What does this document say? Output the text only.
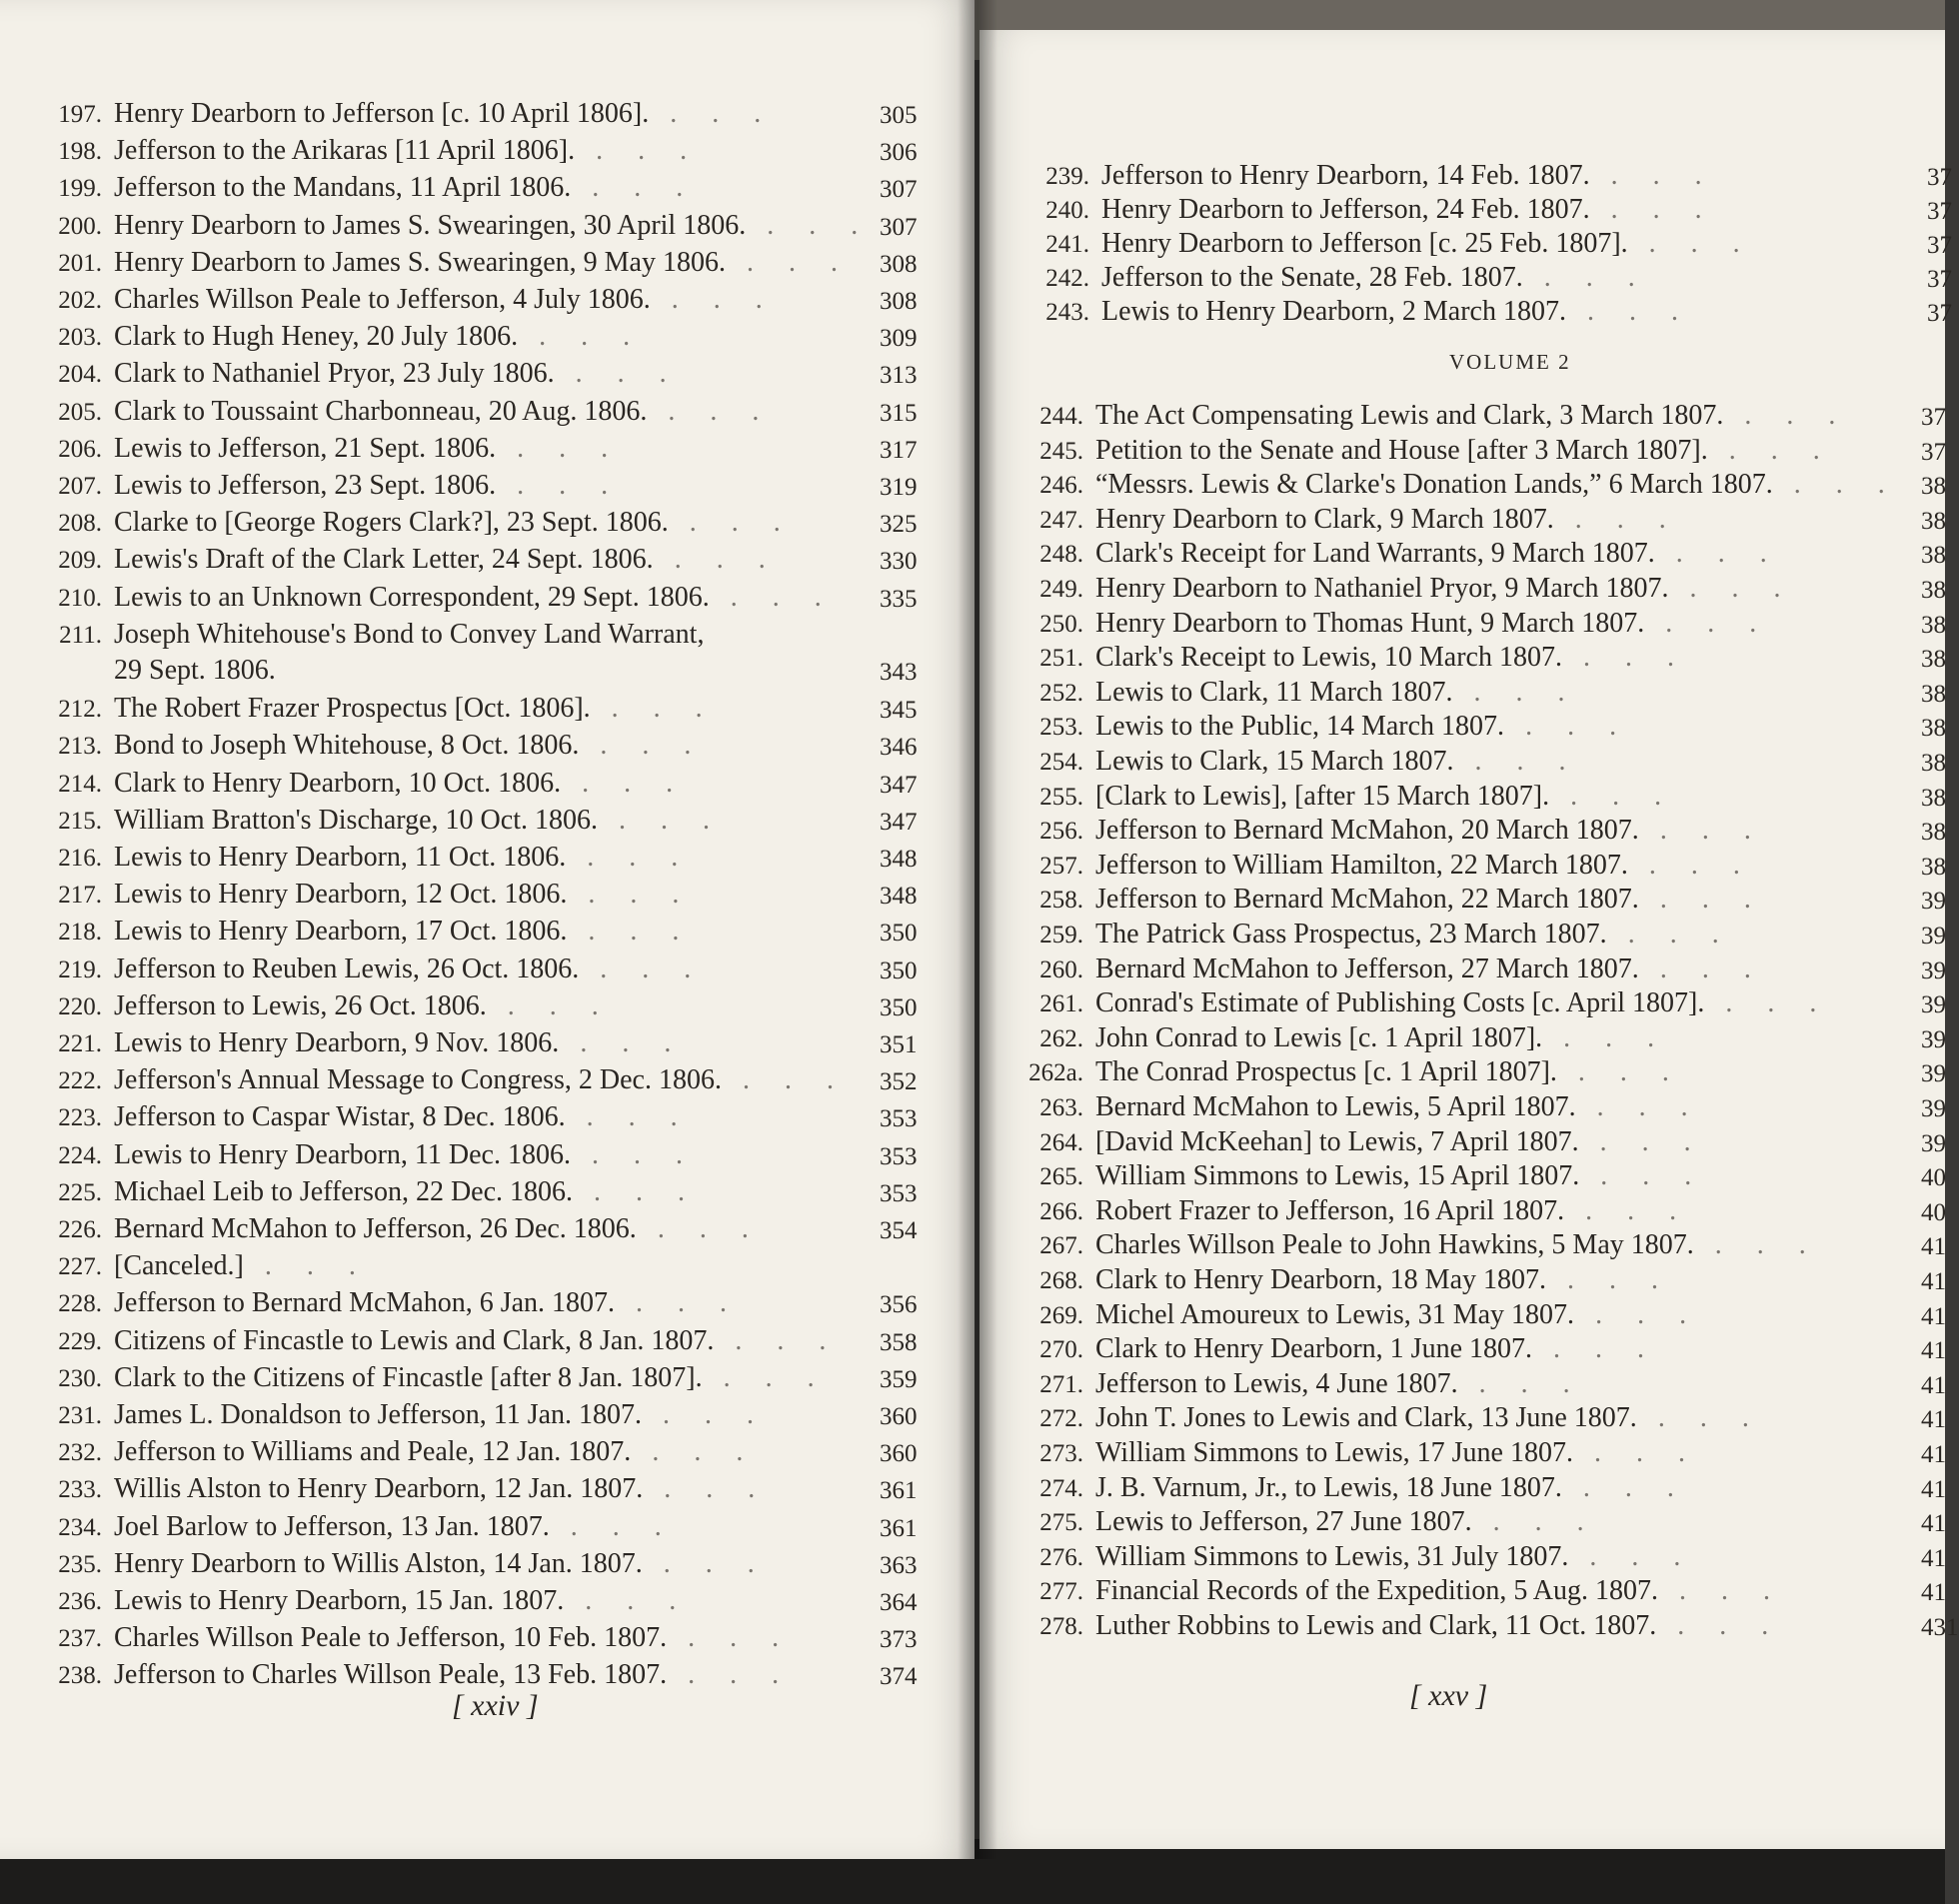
197. Henry Dearborn to Jefferson [c. 10 April 1806]. . . .	305
198. Jefferson to the Arikaras [11 April 1806]. . . .	306
199. Jefferson to the Mandans, 11 April 1806. . . .	307
200. Henry Dearborn to James S. Swearingen, 30 April 1806. . . . 307
201. Henry Dearborn to James S. Swearingen, 9 May 1806. . . . 308
202. Charles Willson Peale to Jefferson, 4 July 1806. . . .	308
203. Clark to Hugh Heney, 20 July 1806. . . .	309
204. Clark to Nathaniel Pryor, 23 July 1806. . . .	313
205. Clark to Toussaint Charbonneau, 20 Aug. 1806. . . .	315
206. Lewis to Jefferson, 21 Sept. 1806. . . .	317
207. Lewis to Jefferson, 23 Sept. 1806. . . .	319
208. Clarke to [George Rogers Clark?], 23 Sept. 1806. . . .	325
209. Lewis's Draft of the Clark Letter, 24 Sept. 1806. . . .	330
210. Lewis to an Unknown Correspondent, 29 Sept. 1806. . . . 335
211. Joseph Whitehouse's Bond to Convey Land Warrant,
29 Sept. 1806.	343
212. The Robert Frazer Prospectus [Oct. 1806]. . . .	345
213. Bond to Joseph Whitehouse, 8 Oct. 1806. . . .	346
214. Clark to Henry Dearborn, 10 Oct. 1806. . . .	347
215. William Bratton's Discharge, 10 Oct. 1806. . . .	347
216. Lewis to Henry Dearborn, 11 Oct. 1806. . . .	348
217. Lewis to Henry Dearborn, 12 Oct. 1806. . . .	348
218. Lewis to Henry Dearborn, 17 Oct. 1806. . . .	350
219. Jefferson to Reuben Lewis, 26 Oct. 1806. . . .	350
220. Jefferson to Lewis, 26 Oct. 1806. . . .	350
221. Lewis to Henry Dearborn, 9 Nov. 1806. . . .	351
222. Jefferson's Annual Message to Congress, 2 Dec. 1806. . . . 352
223. Jefferson to Caspar Wistar, 8 Dec. 1806. . . .	353
224. Lewis to Henry Dearborn, 11 Dec. 1806. . . .	353
225. Michael Leib to Jefferson, 22 Dec. 1806. . . .	353
226. Bernard McMahon to Jefferson, 26 Dec. 1806. . . .	354
227. [Canceled.] . . .
228. Jefferson to Bernard McMahon, 6 Jan. 1807. . . .	356
229. Citizens of Fincastle to Lewis and Clark, 8 Jan. 1807. . . . 358
230. Clark to the Citizens of Fincastle [after 8 Jan. 1807]. . . . 359
231. James L. Donaldson to Jefferson, 11 Jan. 1807. . . .	360
232. Jefferson to Williams and Peale, 12 Jan. 1807. . . .	360
233. Willis Alston to Henry Dearborn, 12 Jan. 1807. . . .	361
234. Joel Barlow to Jefferson, 13 Jan. 1807. . . .	361
235. Henry Dearborn to Willis Alston, 14 Jan. 1807. . . .	363
236. Lewis to Henry Dearborn, 15 Jan. 1807. . . .	364
237. Charles Willson Peale to Jefferson, 10 Feb. 1807. . . .	373
238. Jefferson to Charles Willson Peale, 13 Feb. 1807. . . .	374
[ xxiv ]
239. Jefferson to Henry Dearborn, 14 Feb. 1807. . . .	37
240. Henry Dearborn to Jefferson, 24 Feb. 1807. . . .	37
241. Henry Dearborn to Jefferson [c. 25 Feb. 1807]. . . .	37
242. Jefferson to the Senate, 28 Feb. 1807. . . .	37
243. Lewis to Henry Dearborn, 2 March 1807. . . .	37
VOLUME 2
244. The Act Compensating Lewis and Clark, 3 March 1807. . . .	37
245. Petition to the Senate and House [after 3 March 1807]. . . .	37
246. “Messrs. Lewis & Clarke's Donation Lands,” 6 March 1807. . . . 38
247. Henry Dearborn to Clark, 9 March 1807. . . .	38
248. Clark's Receipt for Land Warrants, 9 March 1807. . . .	38
249. Henry Dearborn to Nathaniel Pryor, 9 March 1807. . . .	38
250. Henry Dearborn to Thomas Hunt, 9 March 1807. . . .	38
251. Clark's Receipt to Lewis, 10 March 1807. . . .	38
252. Lewis to Clark, 11 March 1807. . . .	38
253. Lewis to the Public, 14 March 1807. . . .	38
254. Lewis to Clark, 15 March 1807. . . .	38
255. [Clark to Lewis], [after 15 March 1807]. . . .	38
256. Jefferson to Bernard McMahon, 20 March 1807. . . .	38
257. Jefferson to William Hamilton, 22 March 1807. . . .	38
258. Jefferson to Bernard McMahon, 22 March 1807. . . .	39
259. The Patrick Gass Prospectus, 23 March 1807. . . .	39
260. Bernard McMahon to Jefferson, 27 March 1807. . . .	39
261. Conrad's Estimate of Publishing Costs [c. April 1807]. . . .	39
262. John Conrad to Lewis [c. 1 April 1807]. . . .	39
262a. The Conrad Prospectus [c. 1 April 1807]. . . .	39
263. Bernard McMahon to Lewis, 5 April 1807. . . .	39
264. [David McKeehan] to Lewis, 7 April 1807. . . .	39
265. William Simmons to Lewis, 15 April 1807. . . .	40
266. Robert Frazer to Jefferson, 16 April 1807. . . .	40
267. Charles Willson Peale to John Hawkins, 5 May 1807. . . .	41
268. Clark to Henry Dearborn, 18 May 1807. . . .	41
269. Michel Amoureux to Lewis, 31 May 1807. . . .	41
270. Clark to Henry Dearborn, 1 June 1807. . . .	41
271. Jefferson to Lewis, 4 June 1807. . . .	41
272. John T. Jones to Lewis and Clark, 13 June 1807. . . .	41
273. William Simmons to Lewis, 17 June 1807. . . .	41
274. J. B. Varnum, Jr., to Lewis, 18 June 1807. . . .	41
275. Lewis to Jefferson, 27 June 1807. . . .	41
276. William Simmons to Lewis, 31 July 1807. . . .	41
277. Financial Records of the Expedition, 5 Aug. 1807. . . .	41
278. Luther Robbins to Lewis and Clark, 11 Oct. 1807. . . .	431
[ xxv ]
